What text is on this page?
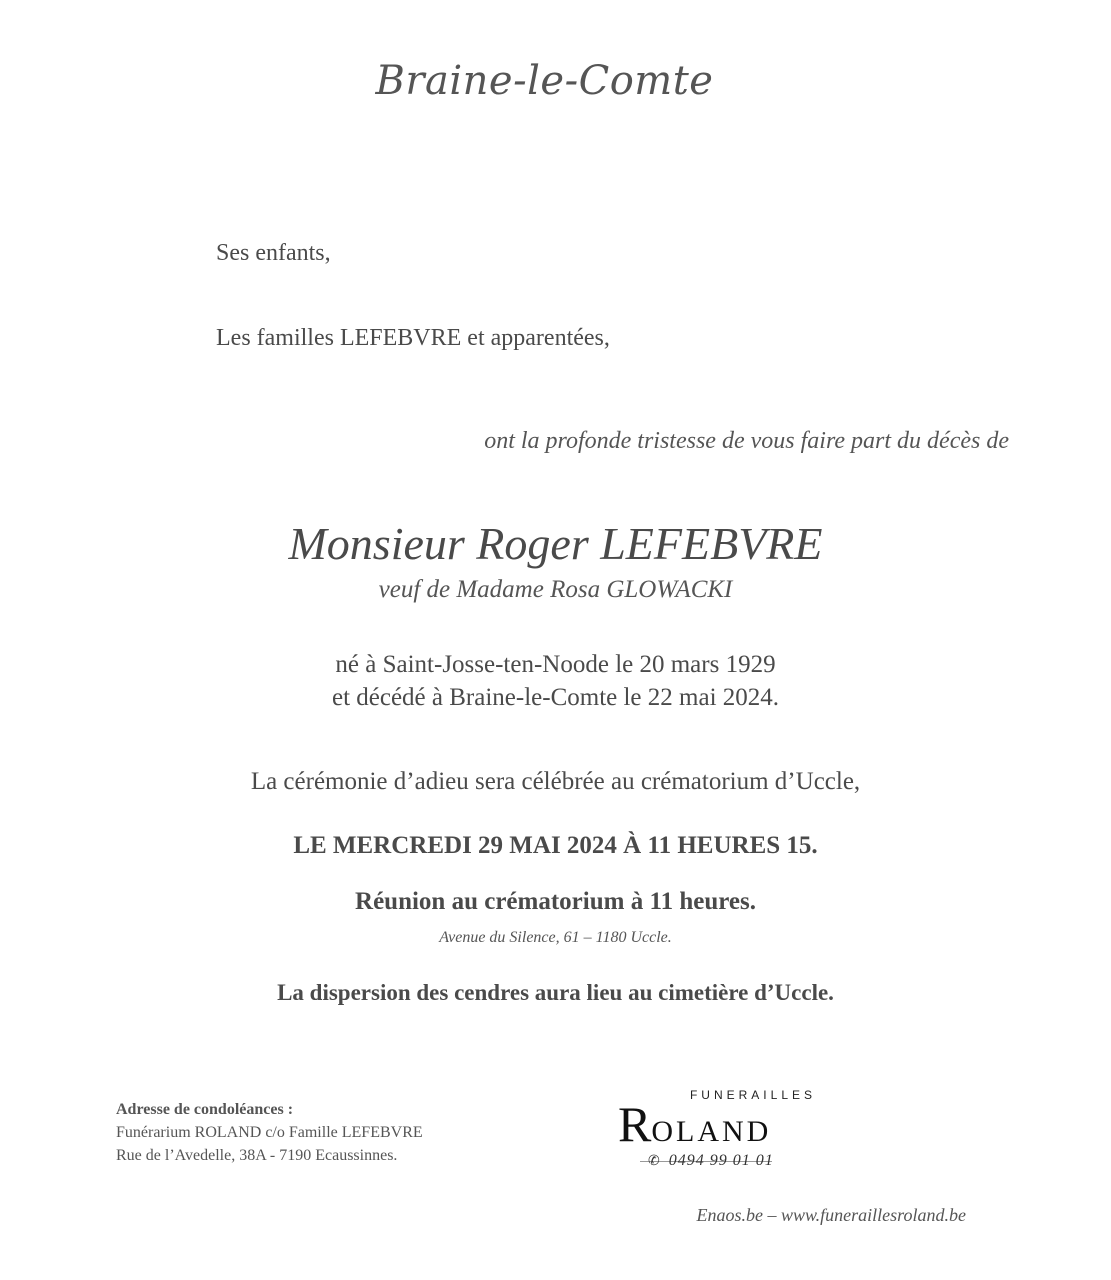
Braine-le-Comte
Ses enfants,
Les familles LEFEBVRE et apparentées,
ont la profonde tristesse de vous faire part du décès de
Monsieur Roger LEFEBVRE
veuf de Madame Rosa GLOWACKI
né à Saint-Josse-ten-Noode le 20 mars 1929
et décédé à Braine-le-Comte le 22 mai 2024.
La cérémonie d’adieu sera célébrée au crématorium d’Uccle,
LE MERCREDI 29 MAI 2024 À 11 HEURES 15.
Réunion au crématorium à 11 heures.
Avenue du Silence, 61 – 1180 Uccle.
La dispersion des cendres aura lieu au cimetière d’Uccle.
Adresse de condoléances :
Funérarium ROLAND c/o Famille LEFEBVRE
Rue de l’Avedelle, 38A - 7190 Ecaussinnes.
FUNERAILLES
ROLAND
✆ 0494 99 01 01
Enaos.be – www.funeraillesroland.be
